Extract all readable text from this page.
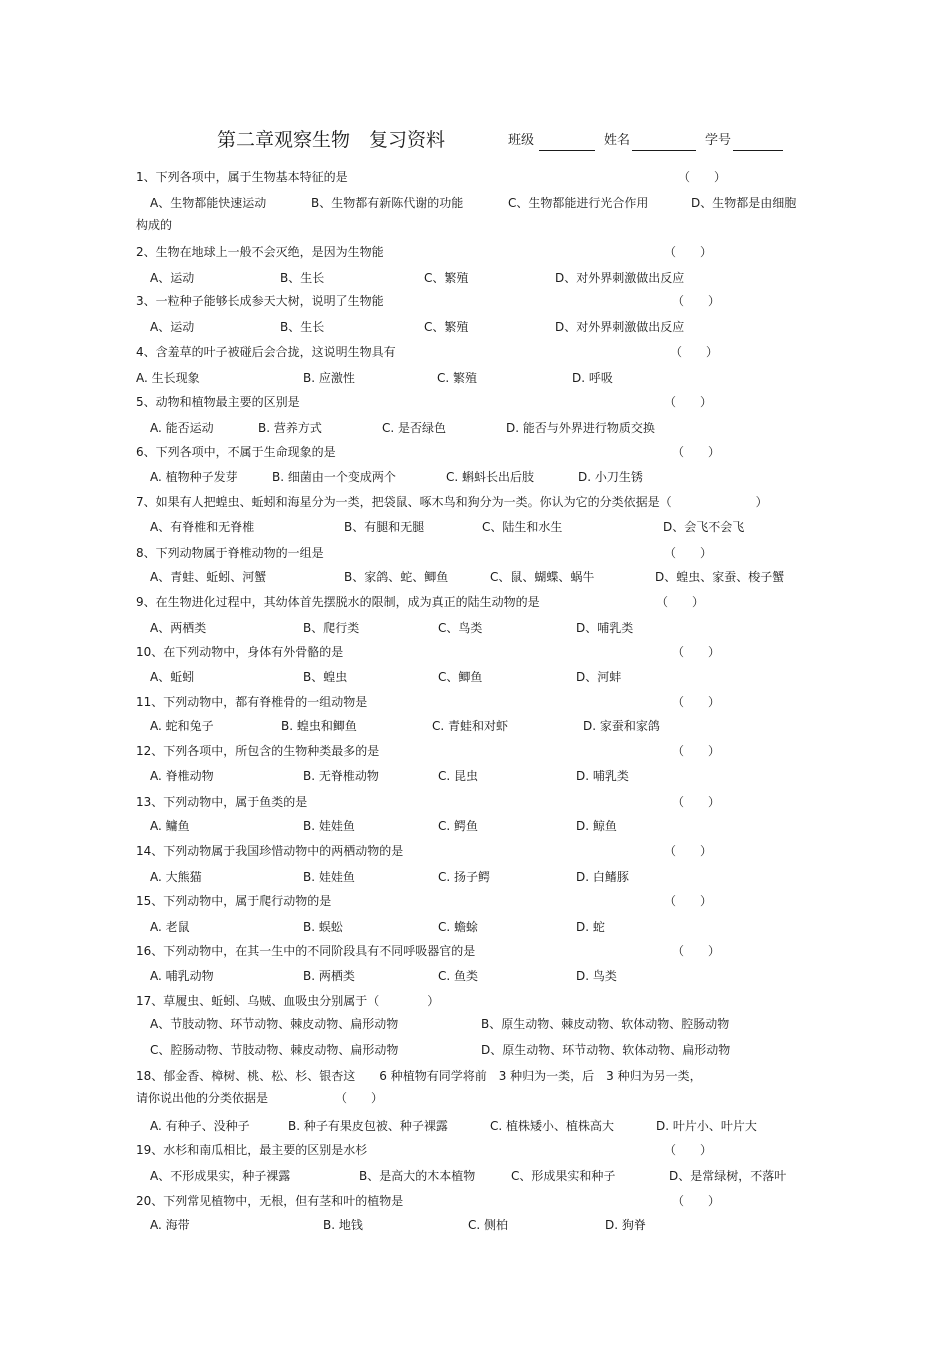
第二章观察生物　复习资料	班级	姓名	学号
1、下列各项中，属于生物基本特征的是	（　　）
A、生物都能快速运动	B、生物都有新陈代谢的功能	C、生物都能进行光合作用	D、生物都是由细胞
构成的
2、生物在地球上一般不会灭绝，是因为生物能	（　　）
A、运动	B、生长	C、繁殖	D、对外界刺激做出反应
3、一粒种子能够长成参天大树，说明了生物能	（　　）
A、运动	B、生长	C、繁殖	D、对外界刺激做出反应
4、含羞草的叶子被碰后会合拢，这说明生物具有	（　　）
A. 生长现象	B. 应激性	C. 繁殖	D. 呼吸
5、动物和植物最主要的区别是	（　　）
A. 能否运动	B. 营养方式	C. 是否绿色	D. 能否与外界进行物质交换
6、下列各项中，不属于生命现象的是	（　　）
A. 植物种子发芽	B. 细菌由一个变成两个	C. 蝌蚪长出后肢	D. 小刀生锈
7、如果有人把蝗虫、蚯蚓和海星分为一类，把袋鼠、啄木鸟和狗分为一类。你认为它的分类依据是（　　　　　　　）
A、有脊椎和无脊椎	B、有腿和无腿	C、陆生和水生	D、会飞不会飞
8、下列动物属于脊椎动物的一组是	（　　）
A、青蛙、蚯蚓、河蟹	B、家鸽、蛇、鲫鱼	C、鼠、蝴蝶、蜗牛	D、蝗虫、家蚕、梭子蟹
9、在生物进化过程中，其幼体首先摆脱水的限制，成为真正的陆生动物的是	（　　）
A、两栖类	B、爬行类	C、鸟类	D、哺乳类
10、在下列动物中，身体有外骨骼的是	（　　）
A、蚯蚓	B、蝗虫	C、鲫鱼	D、河蚌
11、下列动物中，都有脊椎骨的一组动物是	（　　）
A. 蛇和兔子	B. 蝗虫和鲫鱼	C. 青蛙和对虾	D. 家蚕和家鸽
12、下列各项中，所包含的生物种类最多的是	（　　）
A. 脊椎动物	B. 无脊椎动物	C. 昆虫	D. 哺乳类
13、下列动物中，属于鱼类的是	（　　）
A. 鳙鱼	B. 娃娃鱼	C. 鳄鱼	D. 鲸鱼
14、下列动物属于我国珍惜动物中的两栖动物的是	（　　）
A. 大熊猫	B. 娃娃鱼	C. 扬子鳄	D. 白鳍豚
15、下列动物中，属于爬行动物的是	（　　）
A. 老鼠	B. 蜈蚣	C. 蟾蜍	D. 蛇
16、下列动物中，在其一生中的不同阶段具有不同呼吸器官的是	（　　）
A. 哺乳动物	B. 两栖类	C. 鱼类	D. 鸟类
17、草履虫、蚯蚓、乌贼、血吸虫分别属于（　　　　）
A、节肢动物、环节动物、棘皮动物、扁形动物	B、原生动物、棘皮动物、软体动物、腔肠动物
C、腔肠动物、节肢动物、棘皮动物、扁形动物	D、原生动物、环节动物、软体动物、扁形动物
18、郁金香、樟树、桃、松、杉、银杏这　　6 种植物有同学将前　3 种归为一类，后　3 种归为另一类，
请你说出他的分类依据是	（　　）
A. 有种子、没种子	B. 种子有果皮包被、种子裸露	C. 植株矮小、植株高大	D. 叶片小、叶片大
19、水杉和南瓜相比，最主要的区别是水杉	（　　）
A、不形成果实，种子裸露	B、是高大的木本植物	C、形成果实和种子	D、是常绿树，不落叶
20、下列常见植物中，无根，但有茎和叶的植物是	（　　）
A. 海带	B. 地钱	C. 侧柏	D. 狗脊
